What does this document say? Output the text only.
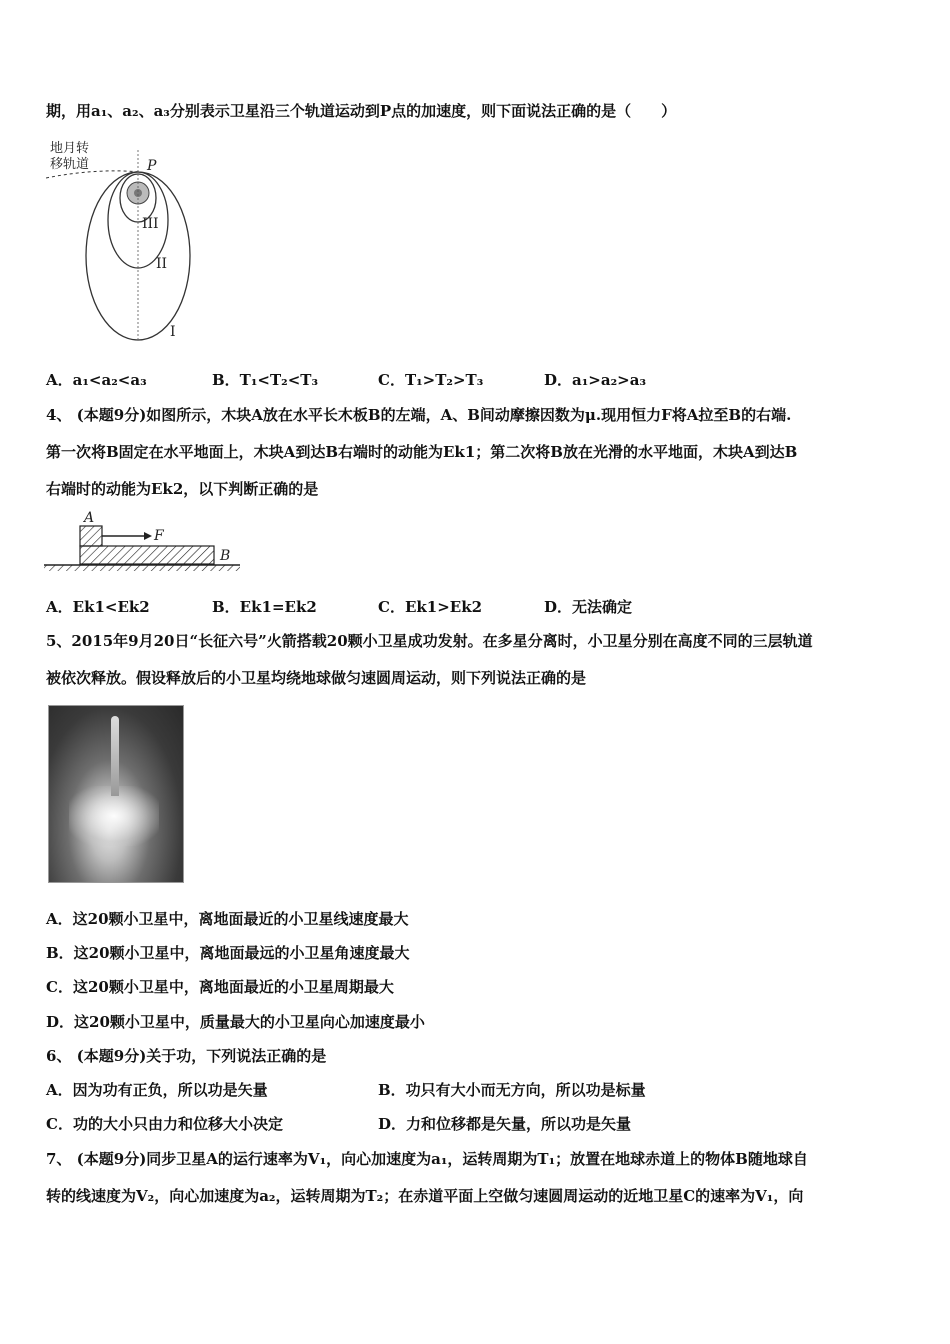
期，用a₁、a₂、a₃分别表示卫星沿三个轨道运动到P点的加速度，则下面说法正确的是（　　）
地月转
移轨道	P
III
II
I
A．a₁<a₂<a₃	B．T₁<T₂<T₃	C．T₁>T₂>T₃	D．a₁>a₂>a₃
4、 (本题9分)如图所示，木块A放在水平长木板B的左端，A、B间动摩擦因数为μ.现用恒力F将A拉至B的右端.
第一次将B固定在水平地面上，木块A到达B右端时的动能为Ek1；第二次将B放在光滑的水平地面，木块A到达B
右端时的动能为Ek2，以下判断正确的是
A
F
B
A．Ek1<Ek2	B．Ek1=Ek2	C．Ek1>Ek2	D．无法确定
5、2015年9月20日“长征六号”火箭搭载20颗小卫星成功发射。在多星分离时，小卫星分别在高度不同的三层轨道
被依次释放。假设释放后的小卫星均绕地球做匀速圆周运动，则下列说法正确的是
A．这20颗小卫星中，离地面最近的小卫星线速度最大
B．这20颗小卫星中，离地面最远的小卫星角速度最大
C．这20颗小卫星中，离地面最近的小卫星周期最大
D．这20颗小卫星中，质量最大的小卫星向心加速度最小
6、 (本题9分)关于功，下列说法正确的是
A．因为功有正负，所以功是矢量	B．功只有大小而无方向，所以功是标量
C．功的大小只由力和位移大小决定	D．力和位移都是矢量，所以功是矢量
7、 (本题9分)同步卫星A的运行速率为V₁，向心加速度为a₁，运转周期为T₁；放置在地球赤道上的物体B随地球自
转的线速度为V₂，向心加速度为a₂，运转周期为T₂；在赤道平面上空做匀速圆周运动的近地卫星C的速率为V₁，向
